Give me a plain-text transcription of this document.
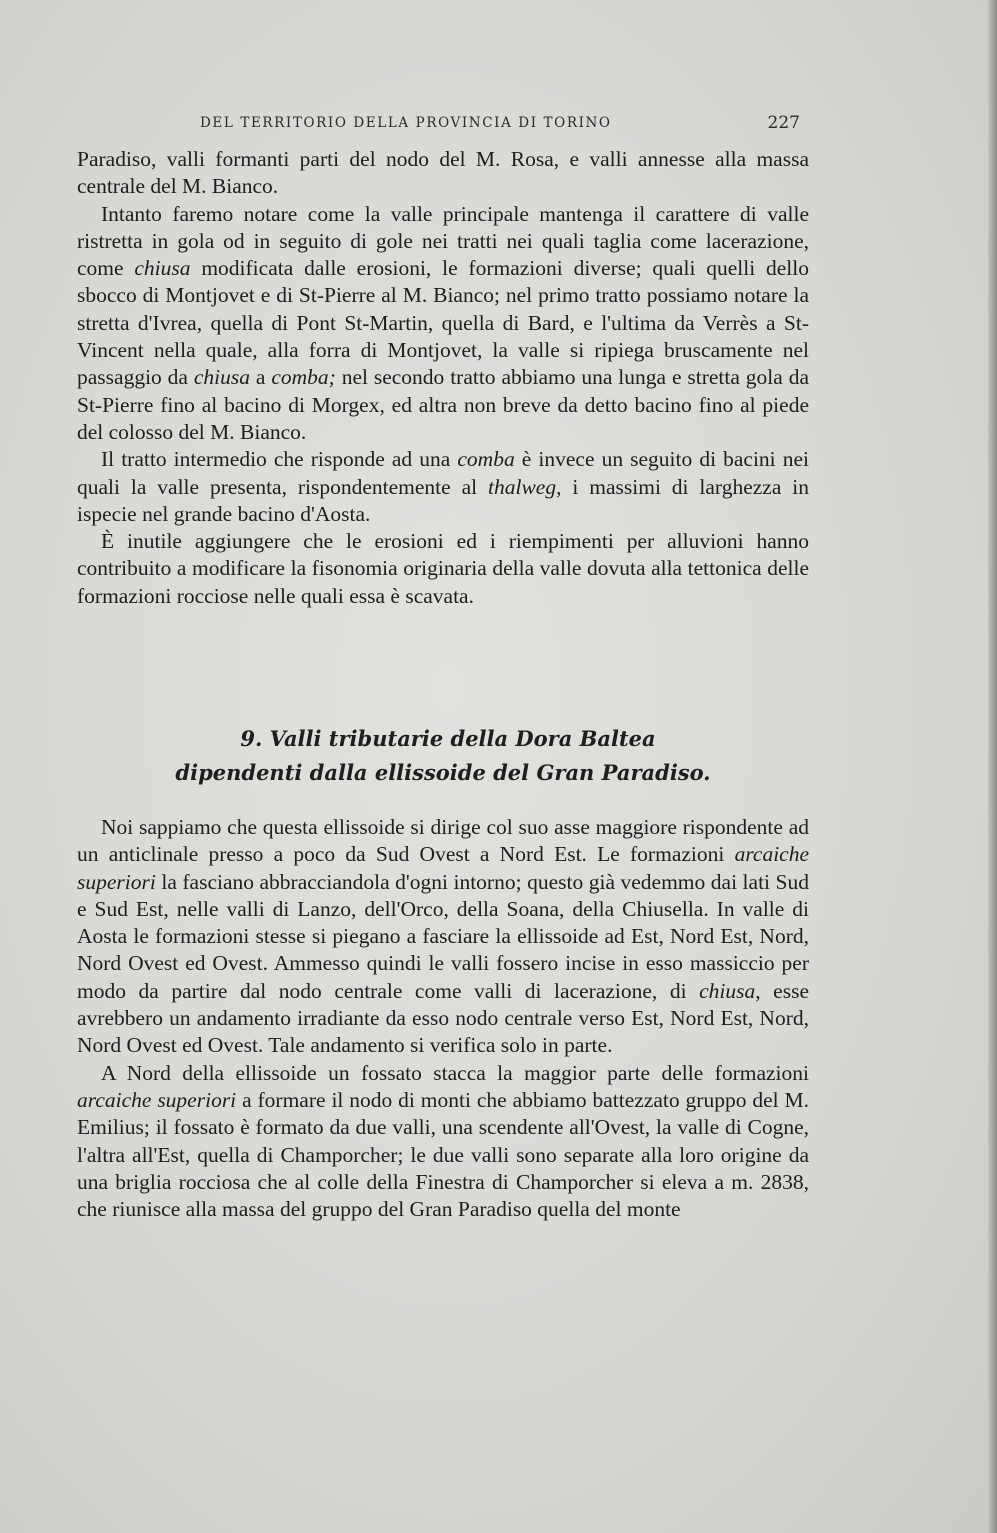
DEL TERRITORIO DELLA PROVINCIA DI TORINO	227

Paradiso, valli formanti parti del nodo del M. Rosa, e valli annesse alla massa centrale del M. Bianco.

Intanto faremo notare come la valle principale mantenga il carattere di valle ristretta in gola od in seguito di gole nei tratti nei quali taglia come lacerazione, come chiusa modificata dalle erosioni, le formazioni diverse; quali quelli dello sbocco di Montjovet e di St-Pierre al M. Bianco; nel primo tratto possiamo notare la stretta d'Ivrea, quella di Pont St-Martin, quella di Bard, e l'ultima da Verrès a St-Vincent nella quale, alla forra di Montjovet, la valle si ripiega bruscamente nel passaggio da chiusa a comba; nel secondo tratto abbiamo una lunga e stretta gola da St-Pierre fino al bacino di Morgex, ed altra non breve da detto bacino fino al piede del colosso del M. Bianco.

Il tratto intermedio che risponde ad una comba è invece un seguito di bacini nei quali la valle presenta, rispondentemente al thalweg, i massimi di larghezza in ispecie nel grande bacino d'Aosta.

È inutile aggiungere che le erosioni ed i riempimenti per alluvioni hanno contribuito a modificare la fisonomia originaria della valle dovuta alla tettonica delle formazioni rocciose nelle quali essa è scavata.

9. Valli tributarie della Dora Baltea
dipendenti dalla ellissoide del Gran Paradiso.

Noi sappiamo che questa ellissoide si dirige col suo asse maggiore rispondente ad un anticlinale presso a poco da Sud Ovest a Nord Est. Le formazioni arcaiche superiori la fasciano abbracciandola d'ogni intorno; questo già vedemmo dai lati Sud e Sud Est, nelle valli di Lanzo, dell'Orco, della Soana, della Chiusella. In valle di Aosta le formazioni stesse si piegano a fasciare la ellissoide ad Est, Nord Est, Nord, Nord Ovest ed Ovest. Ammesso quindi le valli fossero incise in esso massiccio per modo da partire dal nodo centrale come valli di lacerazione, di chiusa, esse avrebbero un andamento irradiante da esso nodo centrale verso Est, Nord Est, Nord, Nord Ovest ed Ovest. Tale andamento si verifica solo in parte.

A Nord della ellissoide un fossato stacca la maggior parte delle formazioni arcaiche superiori a formare il nodo di monti che abbiamo battezzato gruppo del M. Emilius; il fossato è formato da due valli, una scendente all'Ovest, la valle di Cogne, l'altra all'Est, quella di Champorcher; le due valli sono separate alla loro origine da una briglia rocciosa che al colle della Finestra di Champorcher si eleva a m. 2838, che riunisce alla massa del gruppo del Gran Paradiso quella del monte
